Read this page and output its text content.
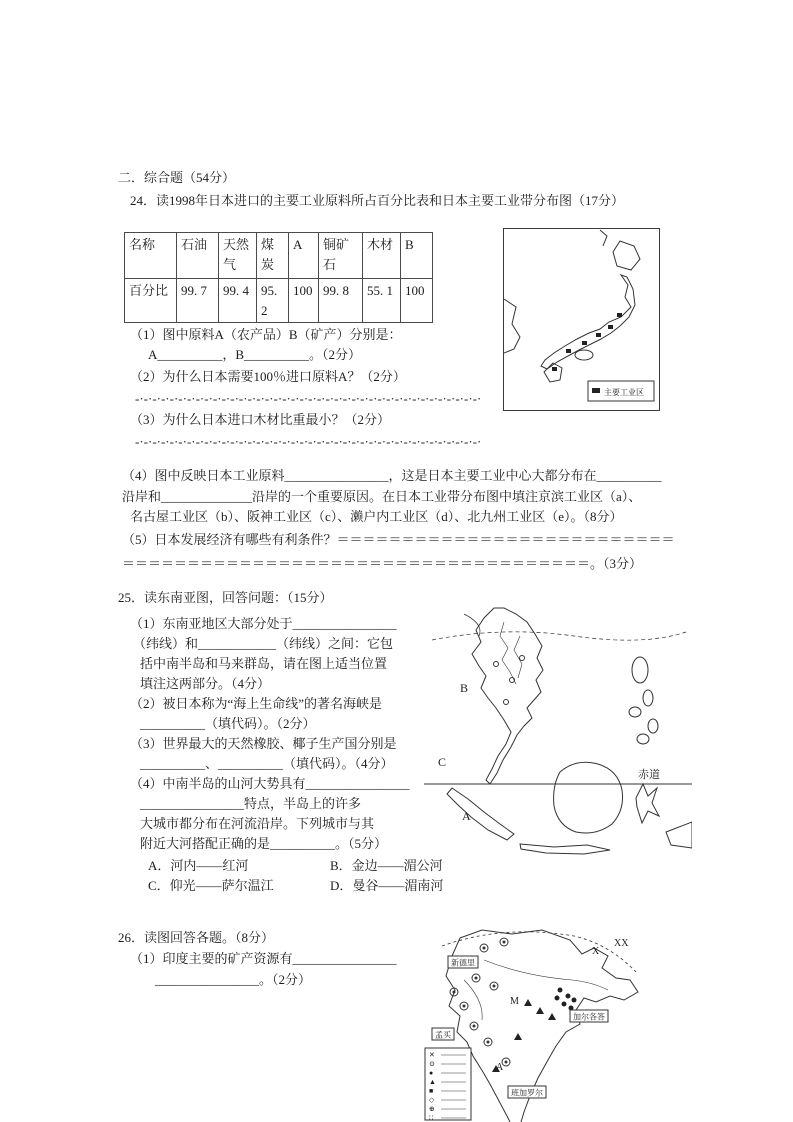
二．综合题（54分）
24．读1998年日本进口的主要工业原料所占百分比表和日本主要工业带分布图（17分）
名称	石油	天然气	煤炭	A	铜矿石	木材	B
百分比	99. 7	99. 4	95. 2	100	99. 8	55. 1	100
主要工业区
（1）图中原料A（农产品）B（矿产）分别是：
A__________，B__________。（2分）
（2）为什么日本需要100％进口原料A？（2分）
-·-·-·-·-·-·-·-·-·-·-·-·-·-·-·-·-·-·-·-·-·-·-·-·-·-·-·-·-·-·-·-·-·-·-·-·-·-·-·-·
（3）为什么日本进口木材比重最小？（2分）
-·-·-·-·-·-·-·-·-·-·-·-·-·-·-·-·-·-·-·-·-·-·-·-·-·-·-·-·-·-·-·-·-·-·-·-·-·-·-·-·
（4）图中反映日本工业原料________________，这是日本主要工业中心大都分布在__________
沿岸和______________沿岸的一个重要原因。在日本工业带分布图中填注京滨工业区（a）、
名古屋工业区（b）、阪神工业区（c）、濑户内工业区（d）、北九州工业区（e）。（8分）
（5）日本发展经济有哪些有利条件？＝＝＝＝＝＝＝＝＝＝＝＝＝＝＝＝＝＝＝＝＝＝＝＝＝＝
＝＝＝＝＝＝＝＝＝＝＝＝＝＝＝＝＝＝＝＝＝＝＝＝＝＝＝＝＝＝＝＝＝＝＝＝。（3分）
25．读东南亚图，回答问题：（15分）
（1）东南亚地区大部分处于________________
（纬线）和____________（纬线）之间：它包
括中南半岛和马来群岛，请在图上适当位置
填注这两部分。（4分）
（2）被日本称为“海上生命线”的著名海峡是
__________（填代码）。（2分）
（3）世界最大的天然橡胶、椰子生产国分别是
__________、__________（填代码）。（4分）
（4）中南半岛的山河大势具有________________
________________特点，半岛上的许多
大城市都分布在河流沿岸。下列城市与其
附近大河搭配正确的是__________。（5分）
A．河内——红河	B．金边——湄公河
C．仰光——萨尔温江	D．曼谷——湄南河
B
C
A
赤道
26．读图回答各题。（8分）
（1）印度主要的矿产资源有________________
________________。（2分）
X
XX
M
A
新德里
孟买
加尔各答
班加罗尔
✕
⊙
●
▲
■
◇
⊕
∷
